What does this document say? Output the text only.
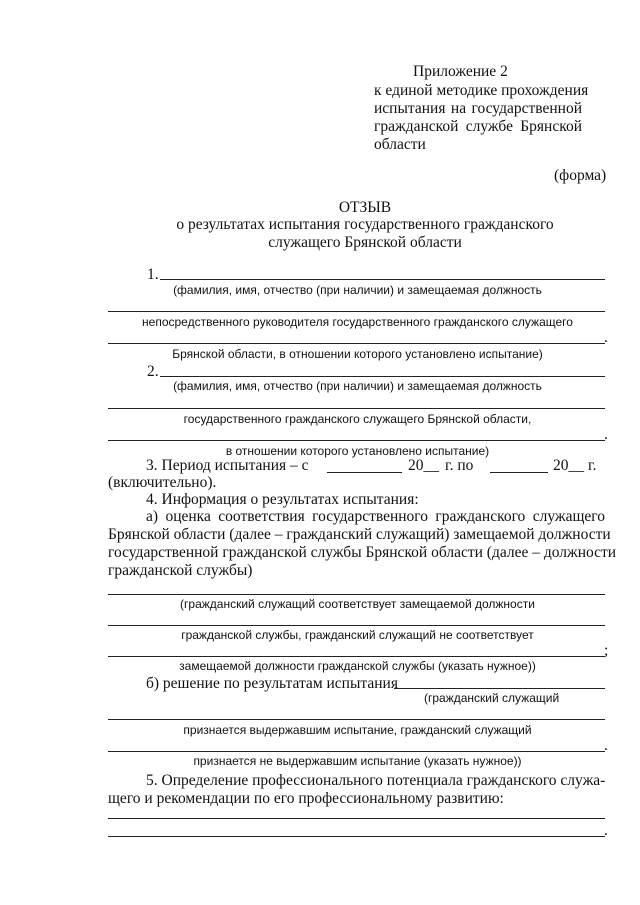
Приложение 2
к единой методике прохождения
испытания на государственной
гражданской службе Брянской
области
(форма)
ОТЗЫВ
о результатах испытания государственного гражданского
служащего Брянской области
1.
(фамилия, имя, отчество (при наличии) и замещаемая должность
непосредственного руководителя государственного гражданского служащего
.
Брянской области, в отношении которого установлено испытание)
2.
(фамилия, имя, отчество (при наличии) и замещаемая должность
государственного гражданского служащего Брянской области,
.
в отношении которого установлено испытание)
3. Период испытания – с	20__ г. по	20__ г.
(включительно).
4. Информация о результатах испытания:
а) оценка соответствия государственного гражданского служащего
Брянской области (далее – гражданский служащий) замещаемой должности
государственной гражданской службы Брянской области (далее – должности
гражданской службы)
(гражданский служащий соответствует замещаемой должности
гражданской службы, гражданский служащий не соответствует
;
замещаемой должности гражданской службы (указать нужное))
б) решение по результатам испытания
(гражданский служащий
признается выдержавшим испытание, гражданский служащий
.
признается не выдержавшим испытание (указать нужное))
5. Определение профессионального потенциала гражданского служа-
щего и рекомендации по его профессиональному развитию:
.
